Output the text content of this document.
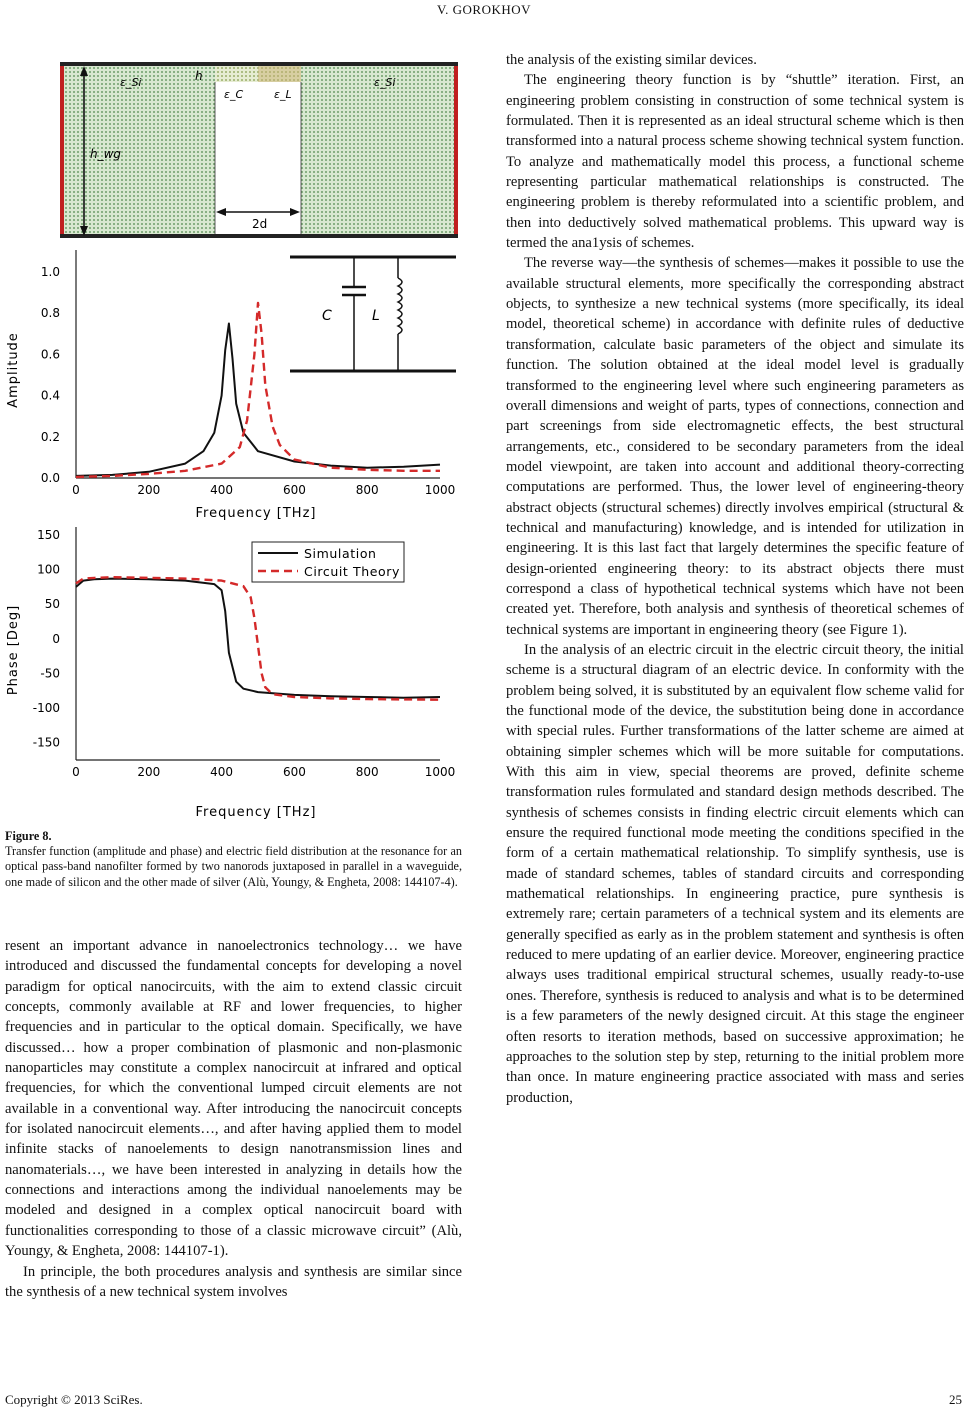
V. GOROKHOV
ε_Si	h
ε_C	ε_L
ε_Si
h_wg
2d
0	200	400	600	800	1000
0.0
0.2
0.4
0.6
0.8
1.0
Amplitude
Frequency [THz]
C	L
0	200	400	600	800	1000
150
100
50
0
-50
-100
-150
Phase [Deg]
Frequency [THz]
Simulation
Circuit Theory
Figure 8.
Transfer function (amplitude and phase) and electric field distribution at the resonance for an optical pass-band nanofilter formed by two nanorods juxtaposed in parallel in a waveguide, one made of silicon and the other made of silver (Alù, Youngy, & Engheta, 2008: 144107-4).

resent an important advance in nanoelectronics technology… we have introduced and discussed the fundamental concepts for developing a novel paradigm for optical nanocircuits, with the aim to extend classic circuit concepts, commonly available at RF and lower frequencies, to higher frequencies and in particular to the optical domain. Specifically, we have discussed… how a proper combination of plasmonic and non-plasmonic nanoparticles may constitute a complex nanocircuit at infrared and optical frequencies, for which the conventional lumped circuit elements are not available in a conventional way. After introducing the nanocircuit concepts for isolated nanocircuit elements…, and after having applied them to model infinite stacks of nanoelements to design nanotransmission lines and nanomaterials…, we have been interested in analyzing in details how the connections and interactions among the individual nanoelements may be modeled and designed in a complex optical nanocircuit board with functionalities corresponding to those of a classic microwave circuit” (Alù, Youngy, & Engheta, 2008: 144107-1).

In principle, the both procedures analysis and synthesis are similar since the synthesis of a new technical system involves

the analysis of the existing similar devices.

The engineering theory function is by “shuttle” iteration. First, an engineering problem consisting in construction of some technical system is formulated. Then it is represented as an ideal structural scheme which is then transformed into a natural process scheme showing technical system function. To analyze and mathematically model this process, a functional scheme representing particular mathematical relationships is constructed. The engineering problem is thereby reformulated into a scientific problem, and then into deductively solved mathematical problems. This upward way is termed the ana1ysis of schemes.

The reverse way—the synthesis of schemes—makes it possible to use the available structural elements, more specifically the corresponding abstract objects, to synthesize a new technical systems (more specifically, its ideal model, theoretical scheme) in accordance with definite rules of deductive transformation, calculate basic parameters of the object and simulate its function. The solution obtained at the ideal model level is gradually transformed to the engineering level where such engineering parameters as overall dimensions and weight of parts, types of connections, connection and part screenings from side electromagnetic effects, the best structural arrangements, etc., considered to be secondary parameters from the ideal model viewpoint, are taken into account and additional theory-correcting computations are performed. Thus, the lower level of engineering-theory abstract objects (structural schemes) directly involves empirical (structural & technical and manufacturing) knowledge, and is intended for utilization in engineering. It is this last fact that largely determines the specific feature of design-oriented engineering theory: to its abstract objects there must correspond a class of hypothetical technical systems which have not been created yet. Therefore, both analysis and synthesis of theoretical schemes of technical systems are important in engineering theory (see Figure 1).

In the analysis of an electric circuit in the electric circuit theory, the initial scheme is a structural diagram of an electric device. In conformity with the problem being solved, it is substituted by an equivalent flow scheme valid for the functional mode of the device, the substitution being done in accordance with special rules. Further transformations of the latter scheme are aimed at obtaining simpler schemes which will be more suitable for computations. With this aim in view, special theorems are proved, definite scheme transformation rules formulated and standard design methods described. The synthesis of schemes consists in finding electric circuit elements which can ensure the required functional mode meeting the conditions specified in the form of a certain mathematical relationship. To simplify synthesis, use is made of standard schemes, tables of standard circuits and corresponding mathematical relationships. In engineering practice, pure synthesis is extremely rare; certain parameters of a technical system and its elements are generally specified as early as in the problem statement and synthesis is often reduced to mere updating of an earlier device. Moreover, engineering practice always uses traditional empirical structural schemes, usually ready-to-use ones. Therefore, synthesis is reduced to analysis and what is to be determined is a few parameters of the newly designed circuit. At this stage the engineer often resorts to iteration methods, based on successive approximation; he approaches to the solution step by step, returning to the initial problem more than once. In mature engineering practice associated with mass and series production,

Copyright © 2013 SciRes.	25
